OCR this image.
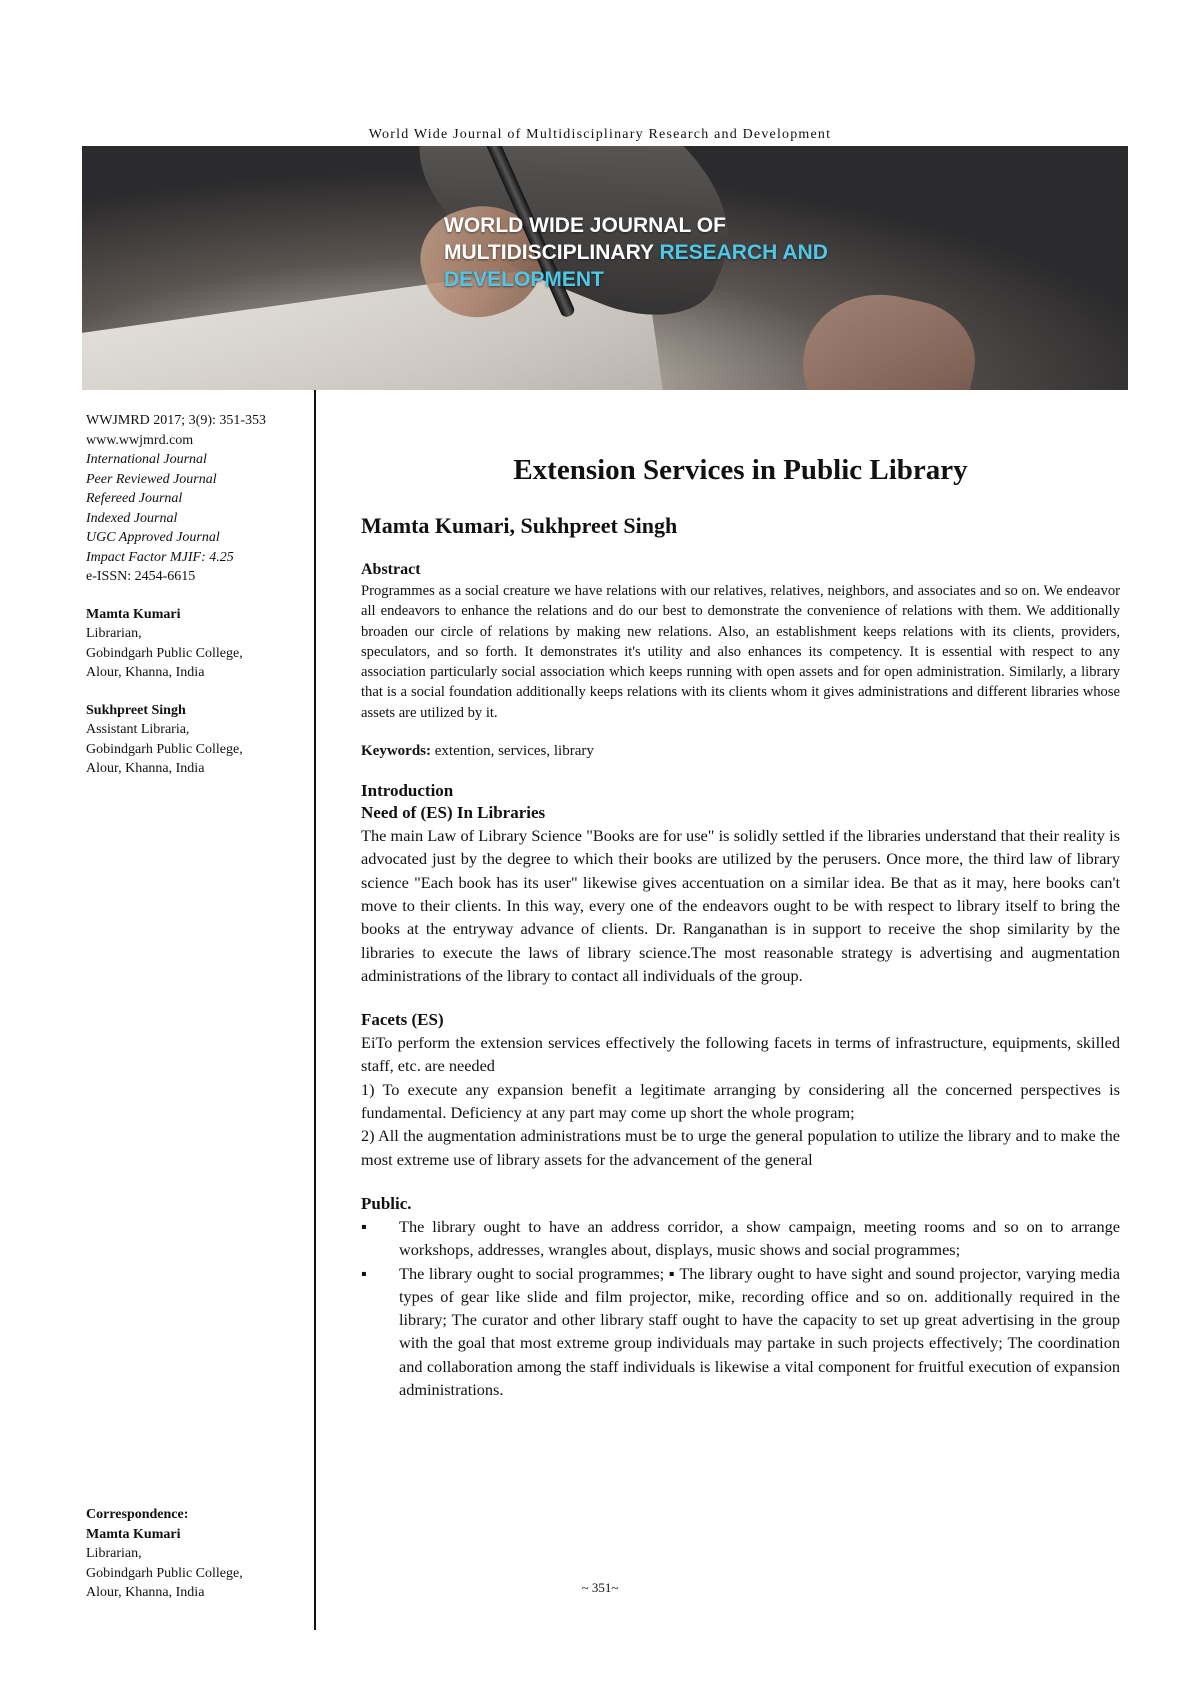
World Wide Journal of Multidisciplinary Research and Development
WORLD WIDE JOURNAL OF
MULTIDISCIPLINARY RESEARCH AND
DEVELOPMENT
WWJMRD 2017; 3(9): 351-353
www.wwjmrd.com
International Journal
Peer Reviewed Journal
Refereed Journal
Indexed Journal
UGC Approved Journal
Impact Factor MJIF: 4.25
e-ISSN: 2454-6615
Mamta Kumari
Librarian,
Gobindgarh Public College,
Alour, Khanna, India
Sukhpreet Singh
Assistant Libraria,
Gobindgarh Public College,
Alour, Khanna, India
Correspondence:
Mamta Kumari
Librarian,
Gobindgarh Public College,
Alour, Khanna, India
Extension Services in Public Library
Mamta Kumari, Sukhpreet Singh
Abstract

Programmes as a social creature we have relations with our relatives, relatives, neighbors, and associates and so on. We endeavor all endeavors to enhance the relations and do our best to demonstrate the convenience of relations with them. We additionally broaden our circle of relations by making new relations. Also, an establishment keeps relations with its clients, providers, speculators, and so forth. It demonstrates it's utility and also enhances its competency. It is essential with respect to any association particularly social association which keeps running with open assets and for open administration. Similarly, a library that is a social foundation additionally keeps relations with its clients whom it gives administrations and different libraries whose assets are utilized by it.

Keywords: extention, services, library
Introduction
Need of (ES) In Libraries

The main Law of Library Science "Books are for use" is solidly settled if the libraries understand that their reality is advocated just by the degree to which their books are utilized by the perusers. Once more, the third law of library science "Each book has its user" likewise gives accentuation on a similar idea. Be that as it may, here books can't move to their clients. In this way, every one of the endeavors ought to be with respect to library itself to bring the books at the entryway advance of clients. Dr. Ranganathan is in support to receive the shop similarity by the libraries to execute the laws of library science.The most reasonable strategy is advertising and augmentation administrations of the library to contact all individuals of the group.

Facets (ES)

EiTo perform the extension services effectively the following facets in terms of infrastructure, equipments, skilled staff, etc. are needed

1) To execute any expansion benefit a legitimate arranging by considering all the concerned perspectives is fundamental. Deficiency at any part may come up short the whole program;

2) All the augmentation administrations must be to urge the general population to utilize the library and to make the most extreme use of library assets for the advancement of the general

Public.
▪ The library ought to have an address corridor, a show campaign, meeting rooms and so on to arrange workshops, addresses, wrangles about, displays, music shows and social programmes;
▪ The library ought to social programmes; ▪ The library ought to have sight and sound projector, varying media types of gear like slide and film projector, mike, recording office and so on. additionally required in the library; The curator and other library staff ought to have the capacity to set up great advertising in the group with the goal that most extreme group individuals may partake in such projects effectively; The coordination and collaboration among the staff individuals is likewise a vital component for fruitful execution of expansion administrations.
~ 351~
